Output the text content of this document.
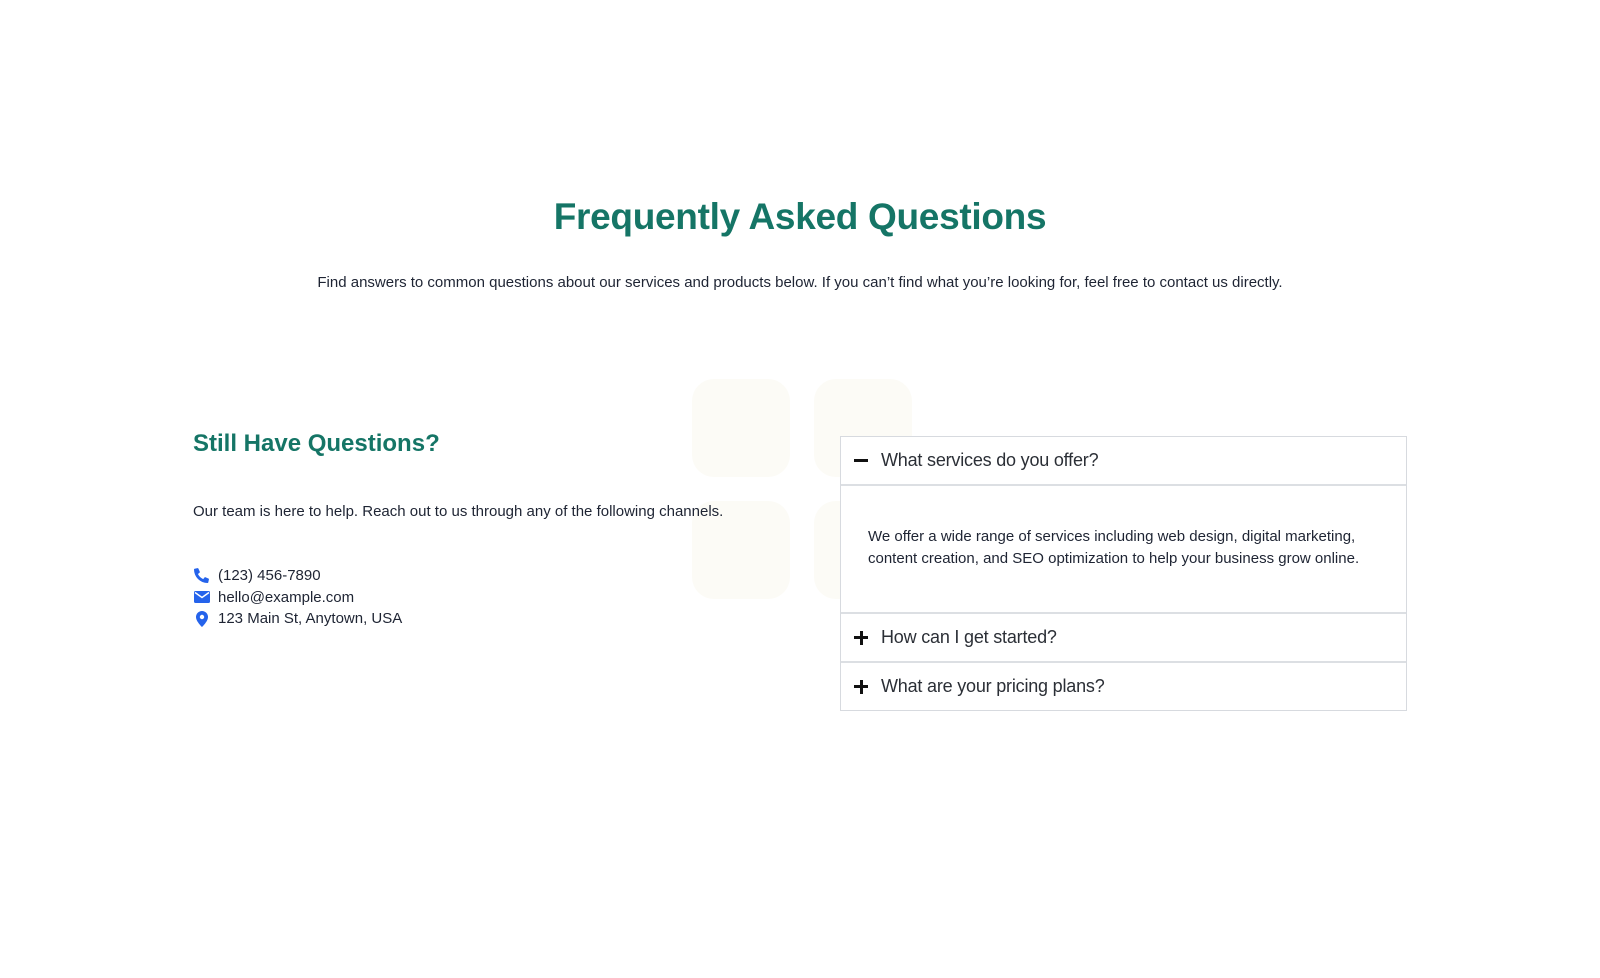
Frequently Asked Questions

Find answers to common questions about our services and products below. If you can’t find what you’re looking for, feel free to contact us directly.

Still Have Questions?

Our team is here to help. Reach out to us through any of the following channels.

(123) 456-7890
hello@example.com
123 Main St, Anytown, USA
What services do you offer?
We offer a wide range of services including web design, digital marketing, content creation, and SEO optimization to help your business grow online.
How can I get started?
What are your pricing plans?
